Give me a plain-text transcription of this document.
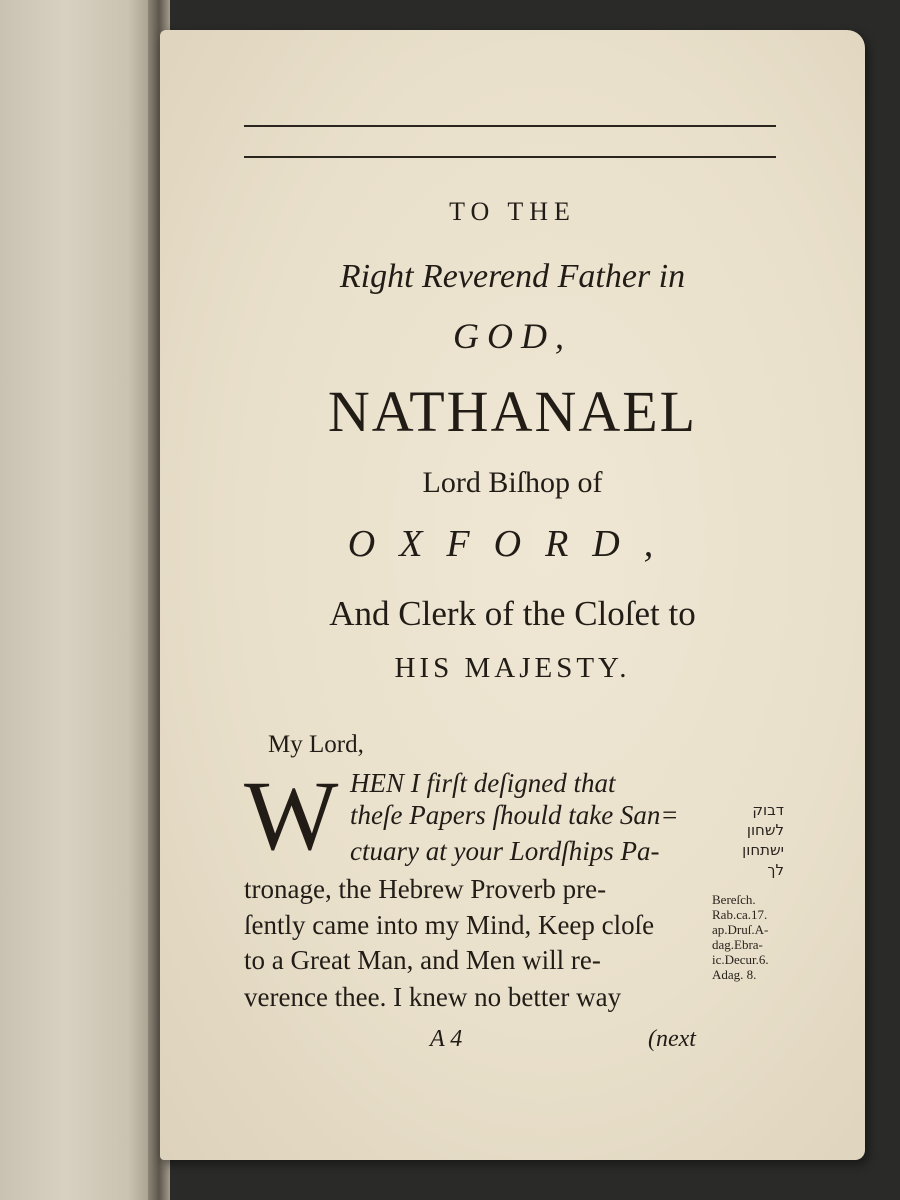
TO THE
Right Reverend Father in
GOD,
NATHANAEL
Lord Biſhop of
OXFORD,
And Clerk of the Cloſet to
HIS MAJESTY.
My Lord,
W HEN I firſt deſigned that
theſe Papers ſhould take San=
ctuary at your Lordſhips Pa-
tronage, the Hebrew Proverb pre-
ſently came into my Mind, Keep cloſe
to a Great Man, and Men will re-
verence thee. I knew no better way
A 4	(next
דבוק
לשחון
ישתחון
לך
Bereſch.
Rab.ca.17.
ap.Druſ.A-
dag.Ebra-
ic.Decur.6.
Adag. 8.
